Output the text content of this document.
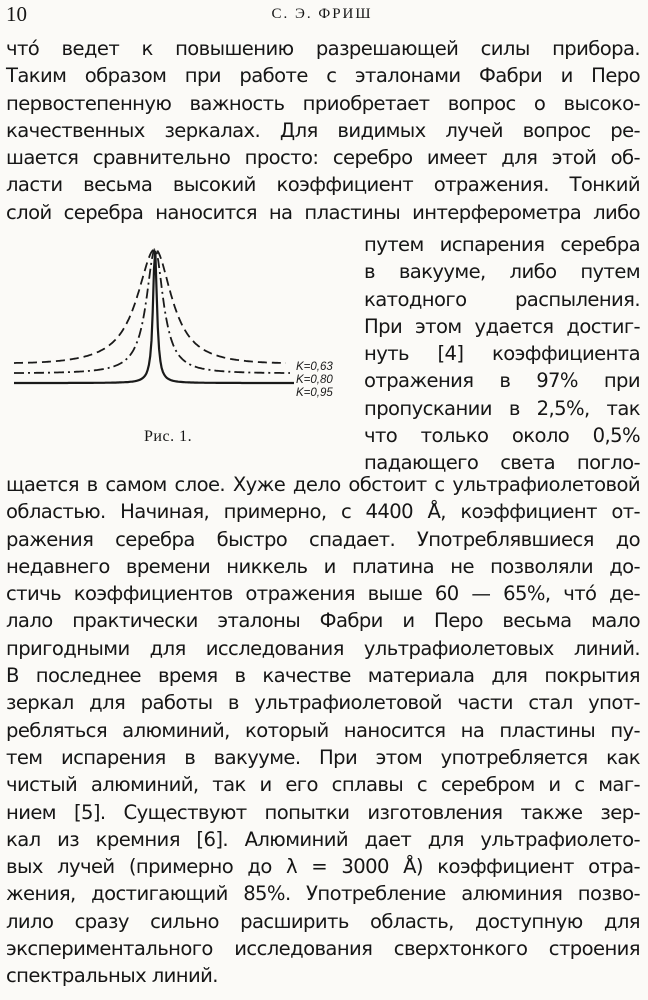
10	С. Э. ФРИШ
что́ ведет к повышению разрешающей силы прибора.
Таким образом при работе с эталонами Фабри и Перо
первостепенную важность приобретает вопрос о высоко-
качественных зеркалах. Для видимых лучей вопрос ре-
шается сравнительно просто: серебро имеет для этой об-
ласти весьма высокий коэффициент отражения. Тонкий
слой серебра наносится на пластины интерферометра либо
K=0,63
K=0,80
K=0,95
Рис. 1.
путем испарения серебра
в вакууме, либо путем
катодного распыления.
При этом удается достиг-
нуть [4] коэффициента
отражения в 97% при
пропускании в 2,5%, так
что только около 0,5%
падающего света погло-
щается в самом слое. Хуже дело обстоит с ультрафиолетовой
областью. Начиная, примерно, с 4400 Å, коэффициент от-
ражения серебра быстро спадает. Употреблявшиеся до
недавнего времени никкель и платина не позволяли до-
стичь коэффициентов отражения выше 60 — 65%, что́ де-
лало практически эталоны Фабри и Перо весьма мало
пригодными для исследования ультрафиолетовых линий.
В последнее время в качестве материала для покрытия
зеркал для работы в ультрафиолетовой части стал упот-
ребляться алюминий, который наносится на пластины пу-
тем испарения в вакууме. При этом употребляется как
чистый алюминий, так и его сплавы с серебром и с маг-
нием [5]. Существуют попытки изготовления также зер-
кал из кремния [6]. Алюминий дает для ультрафиолето-
вых лучей (примерно до λ = 3000 Å) коэффициент отра-
жения, достигающий 85%. Употребление алюминия позво-
лило сразу сильно расширить область, доступную для
экспериментального исследования сверхтонкого строения
спектральных линий.
